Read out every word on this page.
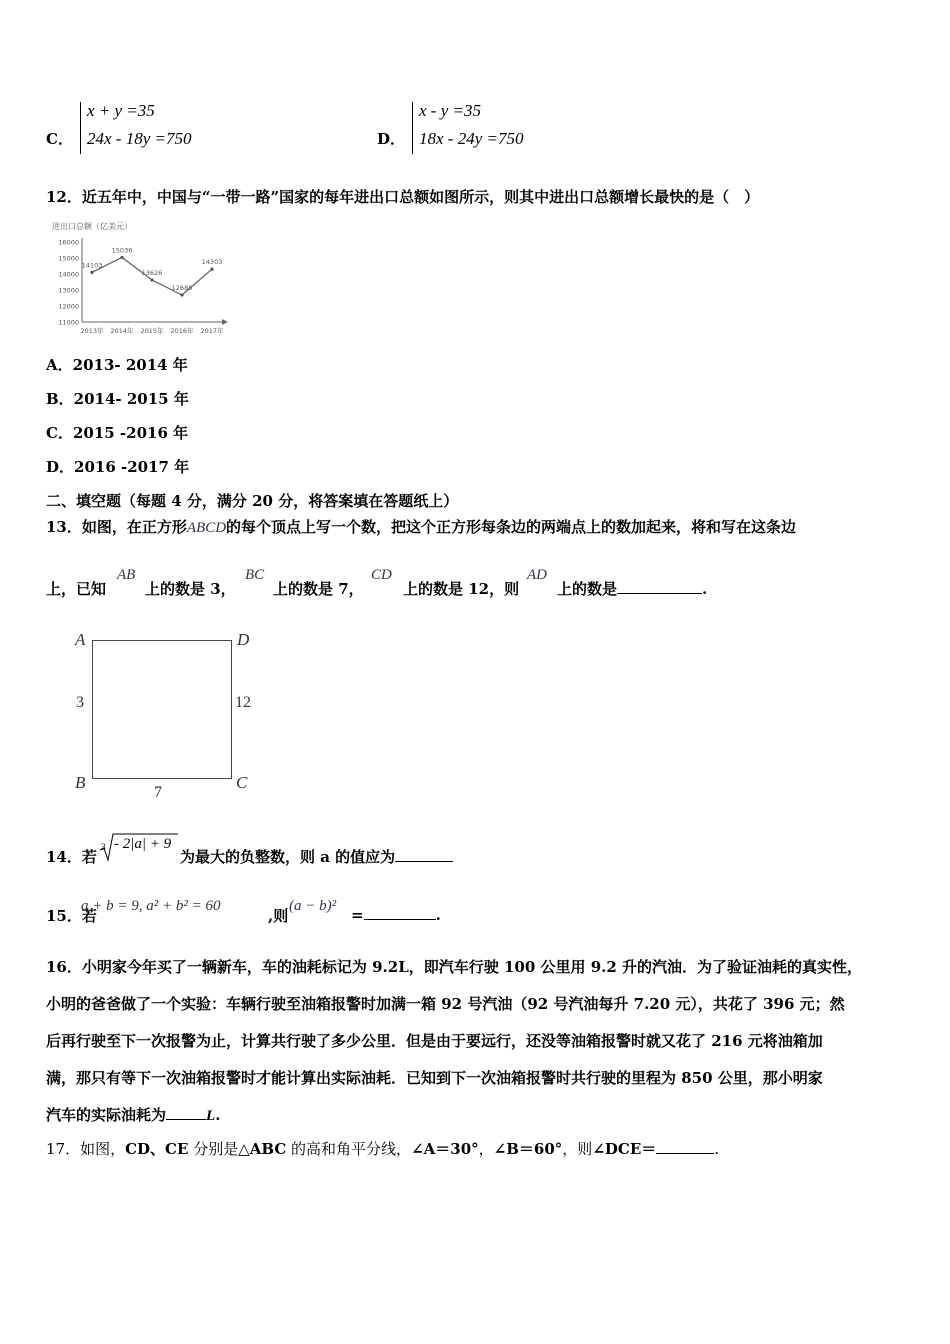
C．
x + y =35
24x - 18y =750	D．
x - y =35
18x - 24y =750
12．近五年中，中国与“一带一路”国家的每年进出口总额如图所示，则其中进出口总额增长最快的是（　）
进出口总额（亿美元）
16000
15000
14000
13000
12000
11000
14103
15036
13626
12686
14303
2013年 2014年 2015年 2016年 2017年
A．2013- 2014 年
B．2014- 2015 年
C．2015 -2016 年
D．2016 -2017 年
二、填空题（每题 4 分，满分 20 分，将答案填在答题纸上）
13．如图，在正方形ABCD的每个顶点上写一个数，把这个正方形每条边的两端点上的数加起来，将和写在这条边
上，已知
AB
上的数是 3，
BC
上的数是 7，
CD
上的数是 12，则
AD
上的数是	.
A	D
B	C
3	12
7
14．若
3 - 2|a| + 9
为最大的负整数，则 a 的值应为
15．若
a + b = 9, a² + b² = 60
,则
(a − b)² =	.
16．小明家今年买了一辆新车，车的油耗标记为 9.2L，即汽车行驶 100 公里用 9.2 升的汽油．为了验证油耗的真实性，
小明的爸爸做了一个实验：车辆行驶至油箱报警时加满一箱 92 号汽油（92 号汽油每升 7.20 元），共花了 396 元；然
后再行驶至下一次报警为止，计算共行驶了多少公里．但是由于要远行，还没等油箱报警时就又花了 216 元将油箱加
满，那只有等下一次油箱报警时才能计算出实际油耗．已知到下一次油箱报警时共行驶的里程为 850 公里，那小明家
汽车的实际油耗为	L.
17．如图，CD、CE 分别是△ABC 的高和角平分线，∠A＝30°，∠B＝60°，则∠DCE＝	.
